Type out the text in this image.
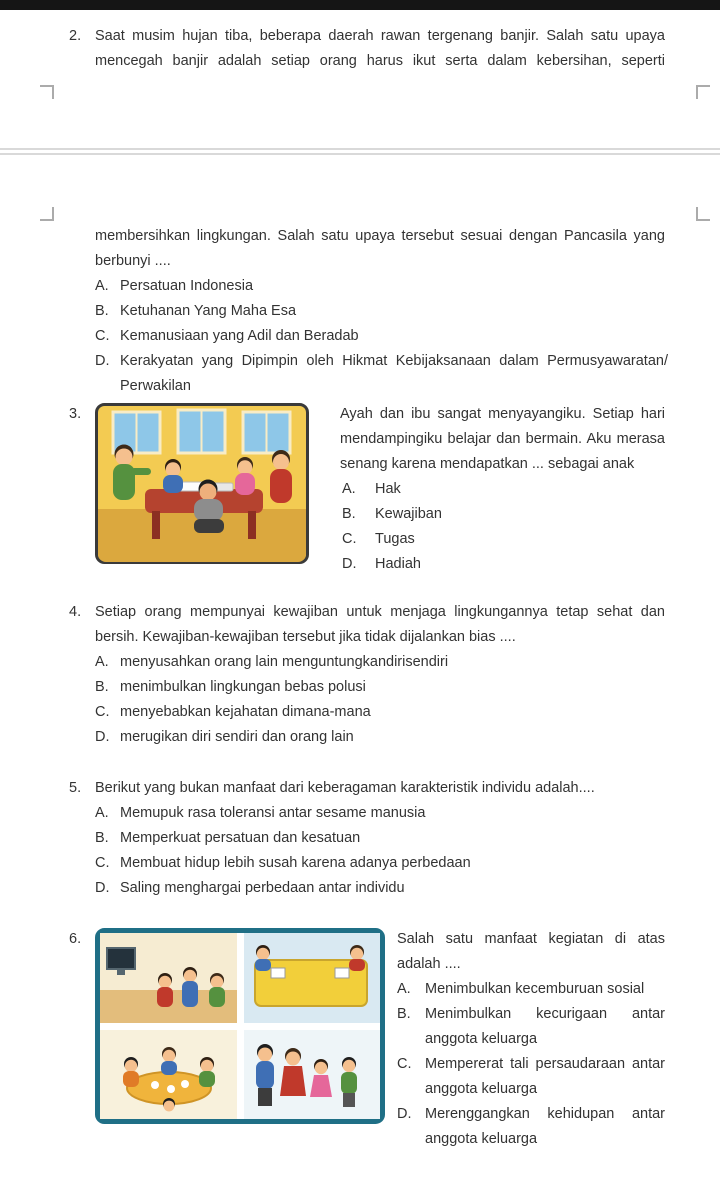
2. Saat musim hujan tiba, beberapa daerah rawan tergenang banjir. Salah satu upaya mencegah banjir adalah setiap orang harus ikut serta dalam kebersihan, seperti
membersihkan lingkungan. Salah satu upaya tersebut sesuai dengan Pancasila yang berbunyi ....
A. Persatuan Indonesia
B. Ketuhanan Yang Maha Esa
C. Kemanusiaan yang Adil dan Beradab
D. Kerakyatan yang Dipimpin oleh Hikmat Kebijaksanaan dalam Permusyawaratan/
Perwakilan
3.	Ayah dan ibu sangat menyayangiku. Setiap hari mendampingiku belajar dan bermain. Aku merasa senang karena mendapatkan ... sebagai anak
A.	Hak
B.	Kewajiban
C.	Tugas
D.	Hadiah
4. Setiap orang mempunyai kewajiban untuk menjaga lingkungannya tetap sehat dan bersih. Kewajiban-kewajiban tersebut jika tidak dijalankan bias ....
A. menyusahkan orang lain menguntungkandirisendiri
B. menimbulkan lingkungan bebas polusi
C. menyebabkan kejahatan dimana-mana
D. merugikan diri sendiri dan orang lain
5. Berikut yang bukan manfaat dari keberagaman karakteristik individu adalah....
A. Memupuk rasa toleransi antar sesame manusia
B. Memperkuat persatuan dan kesatuan
C. Membuat hidup lebih susah karena adanya perbedaan
D. Saling menghargai perbedaan antar individu
6.	Salah satu manfaat kegiatan di atas adalah ....
A. Menimbulkan kecemburuan sosial
B. Menimbulkan kecurigaan antar
anggota keluarga
C. Mempererat tali persaudaraan antar
anggota keluarga
D. Merenggangkan kehidupan antar
anggota keluarga
